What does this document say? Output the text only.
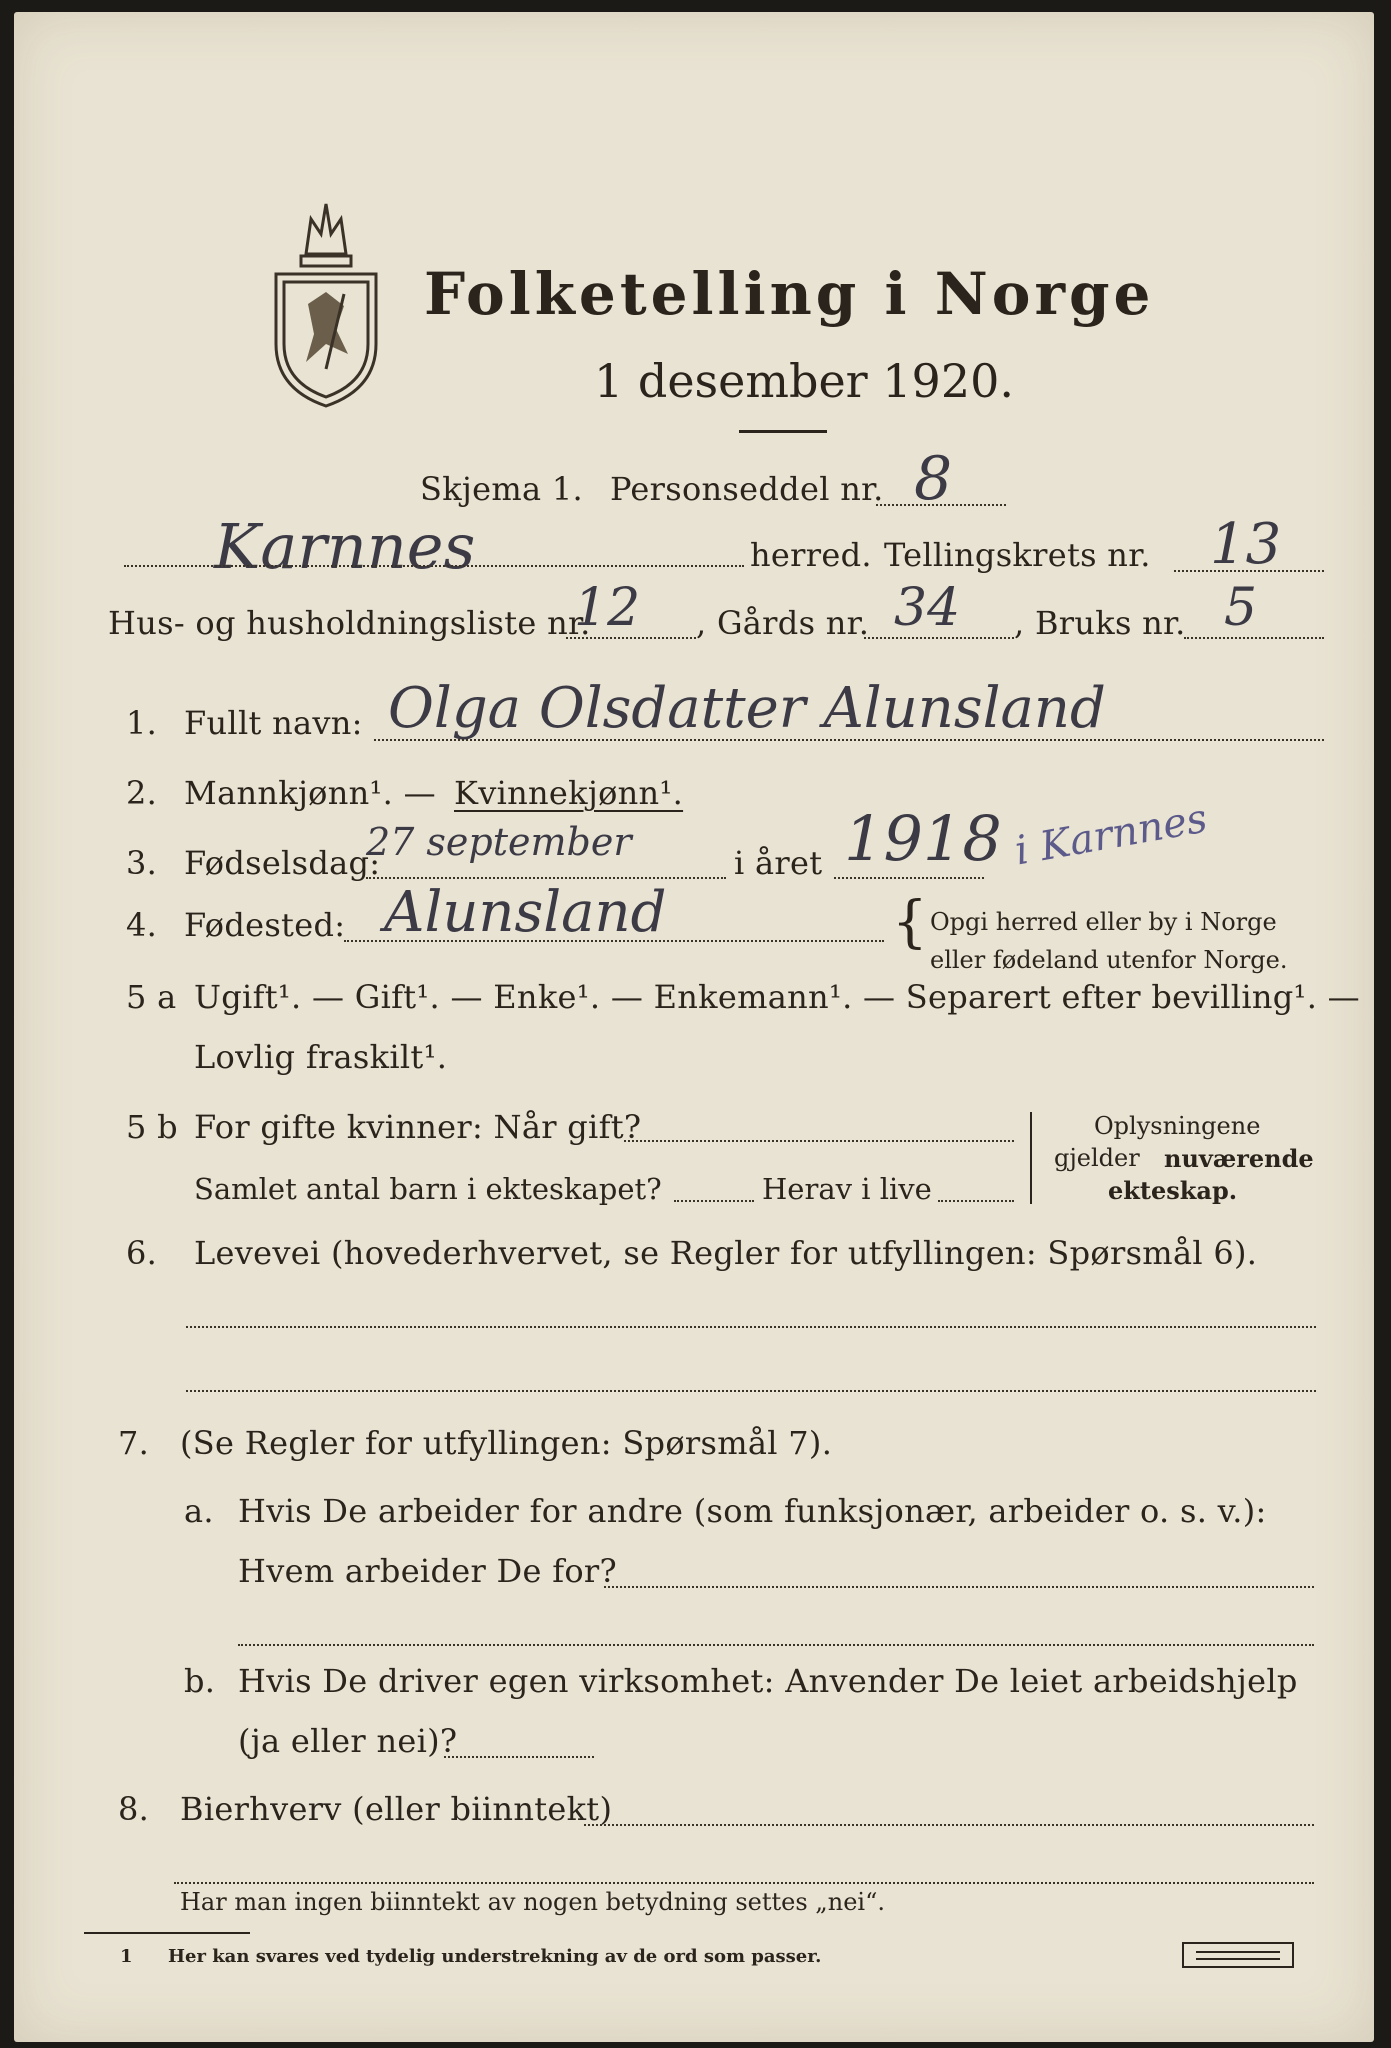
Folketelling i Norge
1 desember 1920.
Skjema 1. Personseddel nr. 8
Karnnes	herred. Tellingskrets nr. 13
Hus- og husholdningsliste nr.
12 , Gårds nr. 34 , Bruks nr. 5
1. Fullt navn: Olga Olsdatter Alunsland
2. Mannkjønn¹. — Kvinnekjønn¹.
3. Fødselsdag:
27 september	i året 1918 i Karnnes
4. Fødested: Alunsland	{ Opgi herred eller by i Norge
eller fødeland utenfor Norge.
5 a Ugift¹. — Gift¹. — Enke¹. — Enkemann¹. — Separert efter bevilling¹. —
Lovlig fraskilt¹.
5 b For gifte kvinner: Når gift?
Samlet antal barn i ekteskapet?	Herav i live
Oplysningene
gjelder nuværende
ekteskap.
6. Levevei (hovederhvervet, se Regler for utfyllingen: Spørsmål 6).
7. (Se Regler for utfyllingen: Spørsmål 7).
a. Hvis De arbeider for andre (som funksjonær, arbeider o. s. v.):
Hvem arbeider De for?
b. Hvis De driver egen virksomhet: Anvender De leiet arbeidshjelp
(ja eller nei)?
8. Bierhverv (eller biinntekt)
Har man ingen biinntekt av nogen betydning settes „nei“.
1 Her kan svares ved tydelig understrekning av de ord som passer.
